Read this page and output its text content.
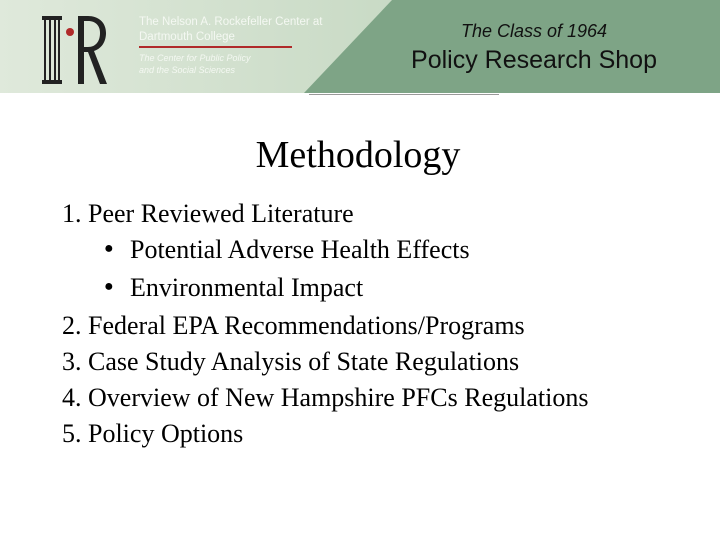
The Nelson A. Rockefeller Center at
Dartmouth College
The Center for Public Policy
and the Social Sciences
The Class of 1964
Policy Research Shop
Methodology
1. Peer Reviewed Literature
● Potential Adverse Health Effects
● Environmental Impact
2. Federal EPA Recommendations/Programs
3. Case Study Analysis of State Regulations
4. Overview of New Hampshire PFCs Regulations
5. Policy Options
